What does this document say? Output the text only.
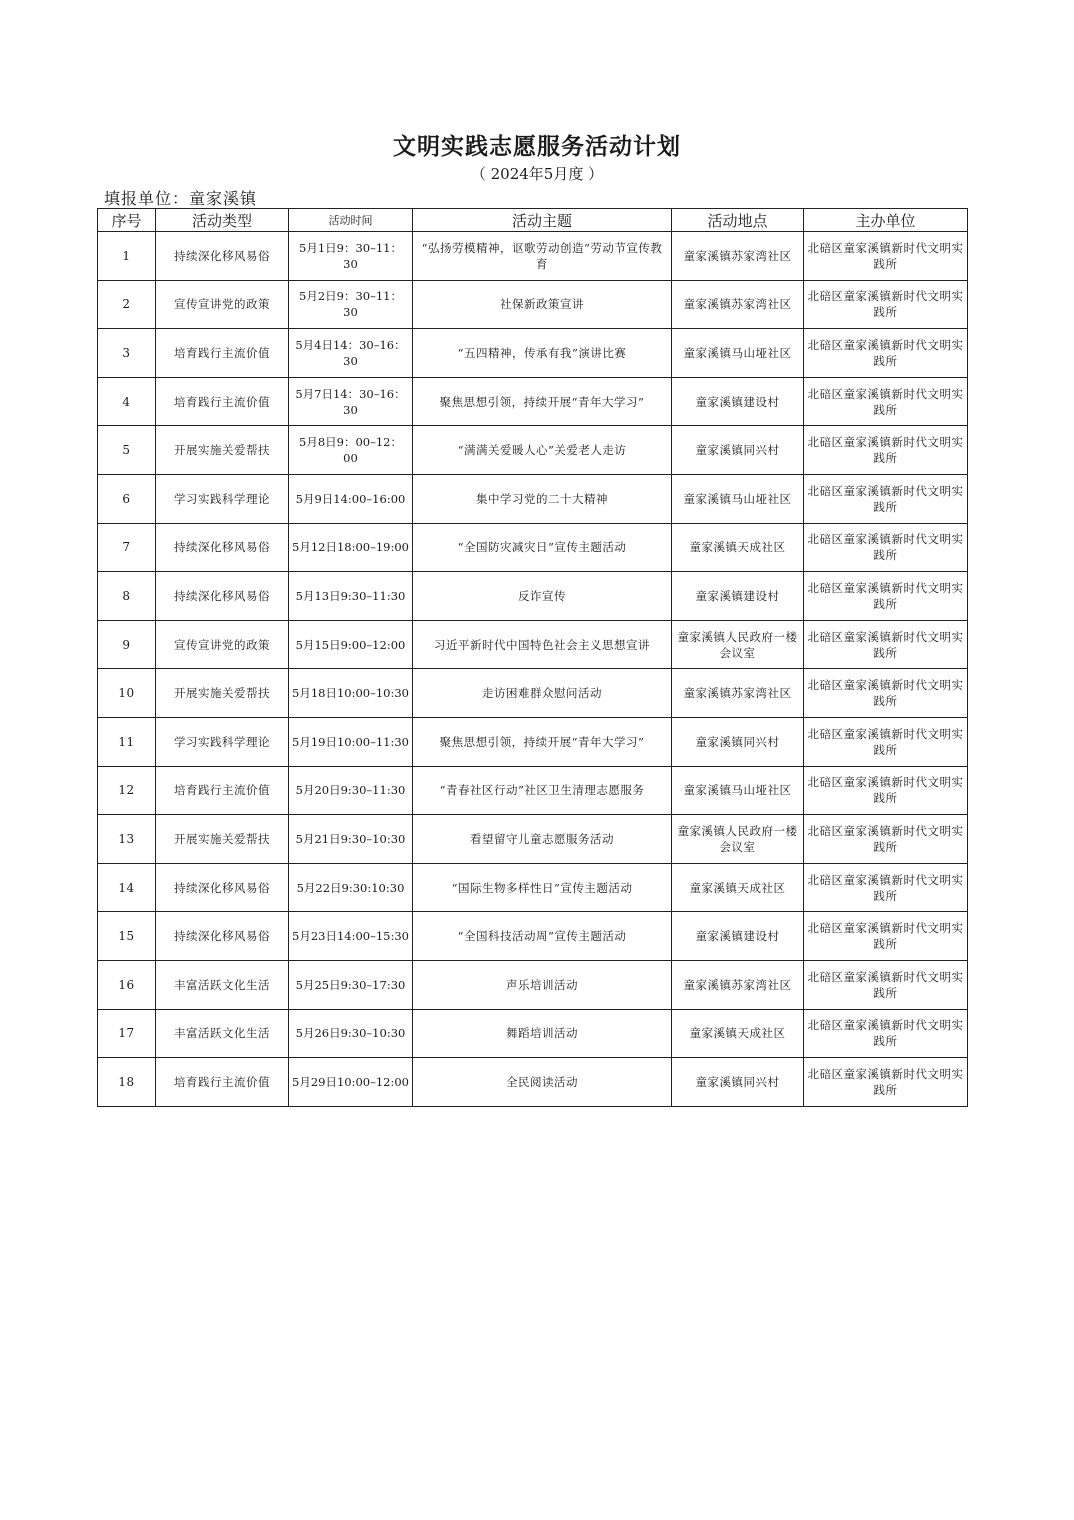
文明实践志愿服务活动计划
（ 2024年5月度 ）
填报单位：童家溪镇
序号	活动类型	活动时间	活动主题	活动地点	主办单位
1	持续深化移风易俗	5月1日9：30–11：30	“弘扬劳模精神，讴歌劳动创造”劳动节宣传教育	童家溪镇苏家湾社区	北碚区童家溪镇新时代文明实践所
2	宣传宣讲党的政策	5月2日9：30–11：30	社保新政策宣讲	童家溪镇苏家湾社区	北碚区童家溪镇新时代文明实践所
3	培育践行主流价值	5月4日14：30–16：30	“五四精神，传承有我”演讲比赛	童家溪镇马山垭社区	北碚区童家溪镇新时代文明实践所
4	培育践行主流价值	5月7日14：30–16：30	聚焦思想引领，持续开展“青年大学习”	童家溪镇建设村	北碚区童家溪镇新时代文明实践所
5	开展实施关爱帮扶	5月8日9：00–12：00	“满满关爱暖人心”关爱老人走访	童家溪镇同兴村	北碚区童家溪镇新时代文明实践所
6	学习实践科学理论	5月9日14:00–16:00	集中学习党的二十大精神	童家溪镇马山垭社区	北碚区童家溪镇新时代文明实践所
7	持续深化移风易俗	5月12日18:00–19:00	“全国防灾减灾日”宣传主题活动	童家溪镇天成社区	北碚区童家溪镇新时代文明实践所
8	持续深化移风易俗	5月13日9:30–11:30	反诈宣传	童家溪镇建设村	北碚区童家溪镇新时代文明实践所
9	宣传宣讲党的政策	5月15日9:00–12:00	习近平新时代中国特色社会主义思想宣讲	童家溪镇人民政府一楼会议室	北碚区童家溪镇新时代文明实践所
10	开展实施关爱帮扶	5月18日10:00–10:30	走访困难群众慰问活动	童家溪镇苏家湾社区	北碚区童家溪镇新时代文明实践所
11	学习实践科学理论	5月19日10:00–11:30	聚焦思想引领，持续开展“青年大学习”	童家溪镇同兴村	北碚区童家溪镇新时代文明实践所
12	培育践行主流价值	5月20日9:30–11:30	“青春社区行动”社区卫生清理志愿服务	童家溪镇马山垭社区	北碚区童家溪镇新时代文明实践所
13	开展实施关爱帮扶	5月21日9:30–10:30	看望留守儿童志愿服务活动	童家溪镇人民政府一楼会议室	北碚区童家溪镇新时代文明实践所
14	持续深化移风易俗	5月22日9:30:10:30	“国际生物多样性日”宣传主题活动	童家溪镇天成社区	北碚区童家溪镇新时代文明实践所
15	持续深化移风易俗	5月23日14:00–15:30	“全国科技活动周”宣传主题活动	童家溪镇建设村	北碚区童家溪镇新时代文明实践所
16	丰富活跃文化生活	5月25日9:30–17:30	声乐培训活动	童家溪镇苏家湾社区	北碚区童家溪镇新时代文明实践所
17	丰富活跃文化生活	5月26日9:30–10:30	舞蹈培训活动	童家溪镇天成社区	北碚区童家溪镇新时代文明实践所
18	培育践行主流价值	5月29日10:00–12:00	全民阅读活动	童家溪镇同兴村	北碚区童家溪镇新时代文明实践所
